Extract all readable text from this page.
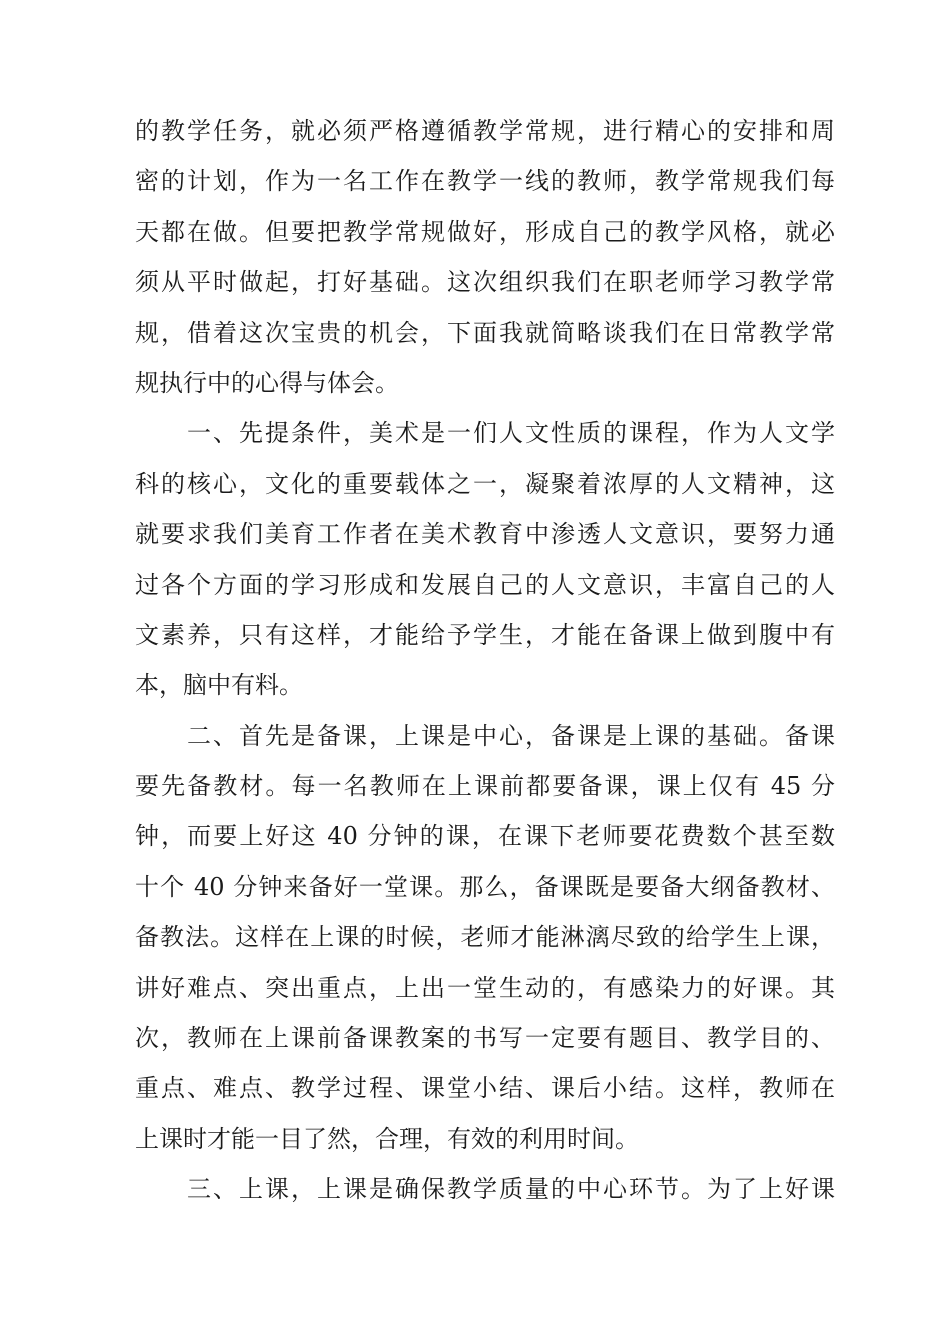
的教学任务，就必须严格遵循教学常规，进行精心的安排和周
密的计划，作为一名工作在教学一线的教师，教学常规我们每
天都在做。但要把教学常规做好，形成自己的教学风格，就必
须从平时做起，打好基础。这次组织我们在职老师学习教学常
规，借着这次宝贵的机会，下面我就简略谈我们在日常教学常
规执行中的心得与体会。
一、先提条件，美术是一们人文性质的课程，作为人文学
科的核心，文化的重要载体之一，凝聚着浓厚的人文精神，这
就要求我们美育工作者在美术教育中渗透人文意识，要努力通
过各个方面的学习形成和发展自己的人文意识，丰富自己的人
文素养，只有这样，才能给予学生，才能在备课上做到腹中有
本，脑中有料。
二、首先是备课，上课是中心，备课是上课的基础。备课
要先备教材。每一名教师在上课前都要备课，课上仅有 45 分
钟，而要上好这 40 分钟的课，在课下老师要花费数个甚至数
十个 40 分钟来备好一堂课。那么，备课既是要备大纲备教材、
备教法。这样在上课的时候，老师才能淋漓尽致的给学生上课，
讲好难点、突出重点，上出一堂生动的，有感染力的好课。其
次，教师在上课前备课教案的书写一定要有题目、教学目的、
重点、难点、教学过程、课堂小结、课后小结。这样，教师在
上课时才能一目了然，合理，有效的利用时间。
三、上课，上课是确保教学质量的中心环节。为了上好课
